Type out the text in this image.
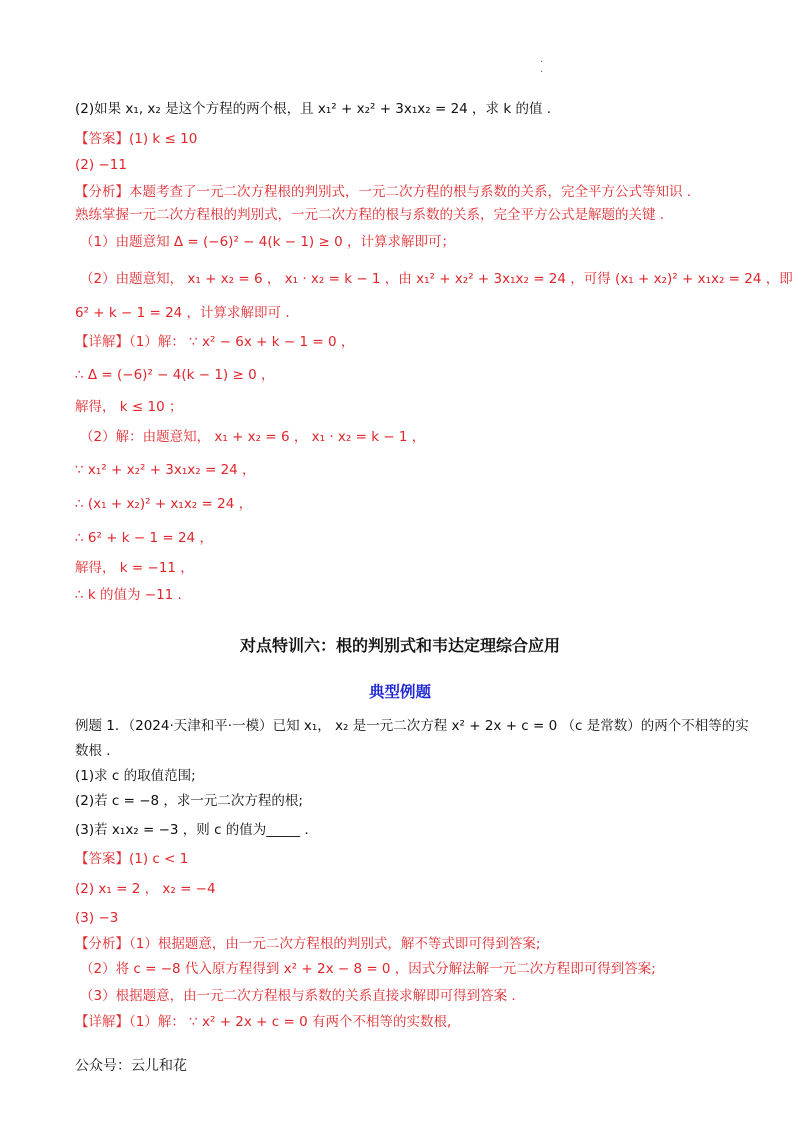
·
·
(2)如果 x₁, x₂ 是这个方程的两个根，且 x₁² + x₂² + 3x₁x₂ = 24 ，求 k 的值 .
【答案】(1) k ≤ 10
(2) −11
【分析】本题考查了一元二次方程根的判别式，一元二次方程的根与系数的关系，完全平方公式等知识 .
熟练掌握一元二次方程根的判别式，一元二次方程的根与系数的关系，完全平方公式是解题的关键 .
（1）由题意知 Δ = (−6)² − 4(k − 1) ≥ 0 ，计算求解即可；
（2）由题意知， x₁ + x₂ = 6 ， x₁ · x₂ = k − 1 ，由 x₁² + x₂² + 3x₁x₂ = 24 ，可得 (x₁ + x₂)² + x₁x₂ = 24 ，即
6² + k − 1 = 24 ，计算求解即可 .
【详解】（1）解： ∵ x² − 6x + k − 1 = 0 ，
∴ Δ = (−6)² − 4(k − 1) ≥ 0 ，
解得， k ≤ 10 ；
（2）解：由题意知， x₁ + x₂ = 6 ， x₁ · x₂ = k − 1 ，
∵ x₁² + x₂² + 3x₁x₂ = 24 ，
∴ (x₁ + x₂)² + x₁x₂ = 24 ，
∴ 6² + k − 1 = 24 ，
解得， k = −11 ，
∴ k 的值为 −11 .
对点特训六：根的判别式和韦达定理综合应用
典型例题
例题 1．（2024·天津和平·一模）已知 x₁， x₂ 是一元二次方程 x² + 2x + c = 0 （c 是常数）的两个不相等的实
数根 .
(1)求 c 的取值范围;
(2)若 c = −8 ，求一元二次方程的根;
(3)若 x₁x₂ = −3 ，则 c 的值为_____ .
【答案】(1) c < 1
(2) x₁ = 2 ， x₂ = −4
(3) −3
【分析】（1）根据题意，由一元二次方程根的判别式，解不等式即可得到答案;
（2）将 c = −8 代入原方程得到 x² + 2x − 8 = 0 ，因式分解法解一元二次方程即可得到答案;
（3）根据题意，由一元二次方程根与系数的关系直接求解即可得到答案 .
【详解】（1）解： ∵ x² + 2x + c = 0 有两个不相等的实数根,
公众号：云儿和花
